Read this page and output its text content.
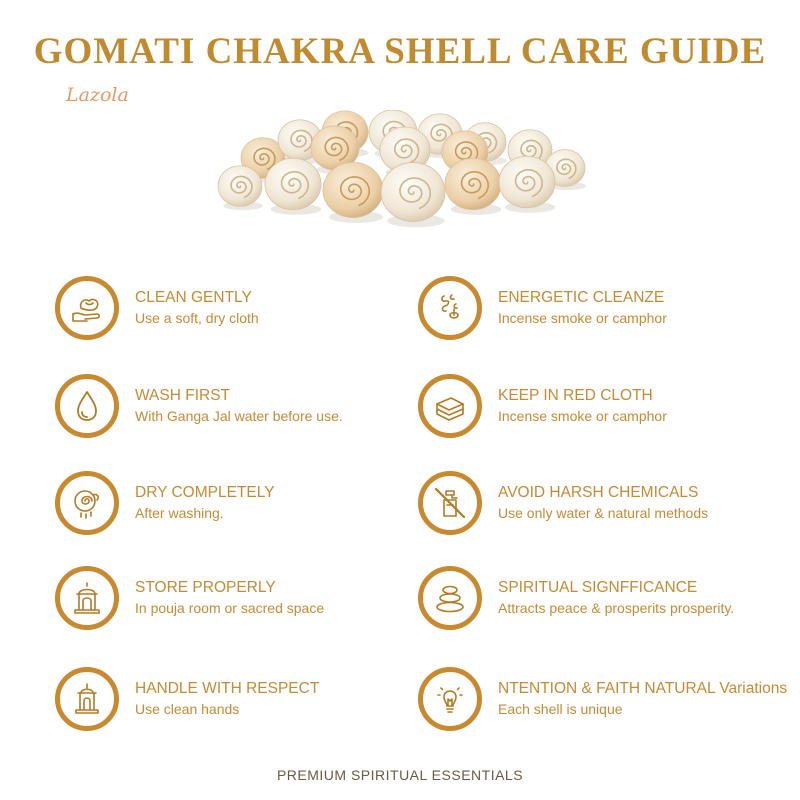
GOMATI CHAKRA SHELL CARE GUIDE
Lazola
CLEAN GENTLY
Use a soft, dry cloth
WASH FIRST
With Ganga Jal water before use.
DRY COMPLETELY
After washing.
STORE PROPERLY
In pouja room or sacred space
HANDLE WITH RESPECT
Use clean hands
ENERGETIC CLEANZE
Incense smoke or camphor
KEEP IN RED CLOTH
Incense smoke or camphor
AVOID HARSH CHEMICALS
Use only water & natural methods
SPIRITUAL SIGNFFICANCE
Attracts peace & prosperits prosperity.
NTENTION & FAITH NATURAL Variations
Each shell is unique
PREMIUM SPIRITUAL ESSENTIALS
